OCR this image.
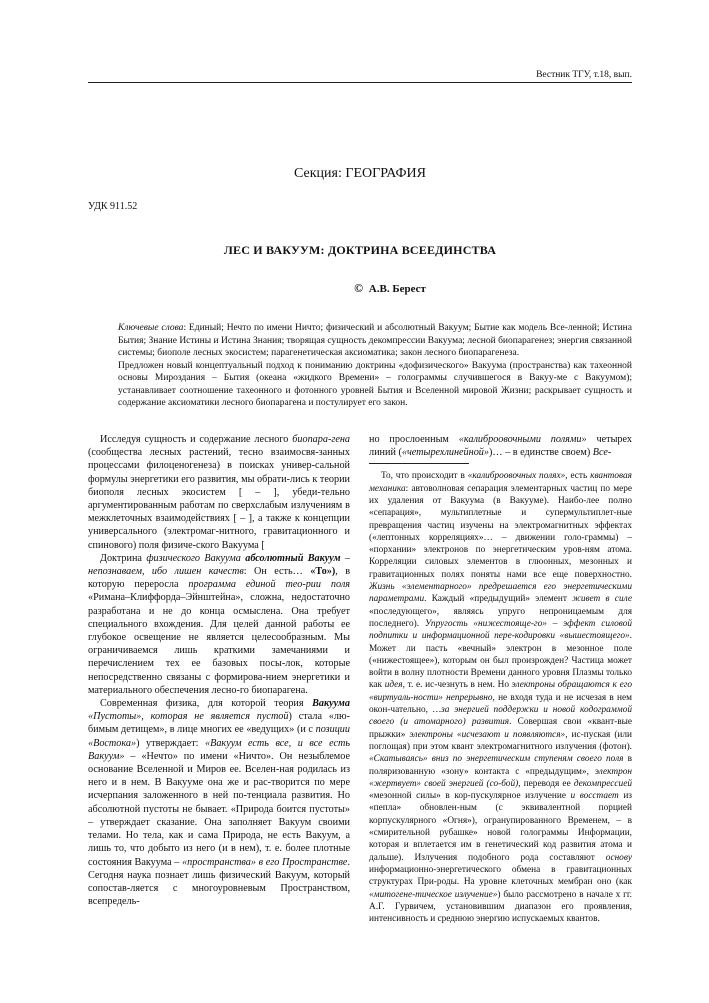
Вестник ТГУ, т.18, вып.
Секция: ГЕОГРАФИЯ
УДК 911.52
ЛЕС И ВАКУУМ: ДОКТРИНА ВСЕЕДИНСТВА
© А.В. Берест

Ключевые слова: Единый; Нечто по имени Ничто; физический и абсолютный Вакуум; Бытие как модель Все-ленной; Истина Бытия; Знание Истины и Истина Знания; творящая сущность декомпрессии Вакуума; лесной биопарагенез; энергия связанной системы; биополе лесных экосистем; парагенетическая аксиоматика; закон лесного биопарагенеза.

Предложен новый концептуальный подход к пониманию доктрины «дофизического» Вакуума (пространства) как тахеонной основы Мироздания – Бытия (океана «жидкого Времени» – голограммы случившегося в Вакуу-ме с Вакуумом); устанавливает соотношение тахеонного и фотонного уровней Бытия и Вселенной мировой Жизни; раскрывает сущность и содержание аксиоматики лесного биопарагена и постулирует его закон.

Исследуя сущность и содержание лесного биопара-гена (сообщества лесных растений, тесно взаимосвя-занных процессами филоценогенеза) в поисках универ-сальной формулы энергетики его развития, мы обрати-лись к теории биополя лесных экосистем [ – ], убеди-тельно аргументированным работам по сверхслабым излучениям в межклеточных взаимодействиях [ – ], а также к концепции универсального (электромаг-нитного, гравитационного и спинового) поля физиче-ского Вакуума [

Доктрина физического Вакуума абсолютный Вакуум – непознаваем, ибо лишен качеств: Он есть… «То»), в которую переросла программа единой тео-рии поля «Римана–Клиффорда–Эйнштейна», сложна, недостаточно разработана и не до конца осмыслена. Она требует специального вхождения. Для целей данной работы ее глубокое освещение не является целесообразным. Мы ограничиваемся лишь краткими замечаниями и перечислением тех ее базовых посы-лок, которые непосредственно связаны с формирова-нием энергетики и материального обеспечения лесно-го биопарагена.

Современная физика, для которой теория Вакуума «Пустоты», которая не является пустой) стала «лю-бимым детищем», в лице многих ее «ведущих» (и с позиции «Востока») утверждает: «Вакуум есть все, и все есть Вакуум» – «Нечто» по имени «Ничто». Он незыблемое основание Вселенной и Миров ее. Вселен-ная родилась из него и в нем. В Вакууме она же и рас-творится по мере исчерпания заложенного в ней по-тенциала развития. Но абсолютной пустоты не бывает. «Природа боится пустоты» – утверждает сказание. Она заполняет Вакуум своими телами. Но тела, как и сама Природа, не есть Вакуум, а лишь то, что добыто из него (и в нем), т. е. более плотные состояния Вакуума – «пространства» в его Пространстве. Сегодня наука познает лишь физический Вакуум, который сопостав-ляется с многоуровневым Пространством, всепредель-

но прослоенным «калиброовочными полями» четырех линий («четырехлинейной»)… – в единстве своем) Все-

То, что происходит в «калиброовочных полях», есть квантовая механика: автоволновая сепарация элементарных частиц по мере их удаления от Вакуума (в Вакууме). Наибо-лее полно «сепарация», мультиплетные и супермультиплет-ные превращения частиц изучены на электромагнитных эффектах («лептонных корреляциях»… – движении голо-граммы) – «порхании» электронов по энергетическим уров-ням атома. Корреляции силовых элементов в глюонных, мезонных и гравитационных полях поняты нами все еще поверхностно. Жизнь «элементарного» предрешается его энергетическими параметрами. Каждый «предыдущий» элемент живет в силе «последующего», являясь упруго непроницаемым для последнего). Упругость «нижестояще-го» – эффект силовой подпитки и информационной пере-кодировки «вышестоящего». Может ли пасть «вечный» электрон в мезонное поле («нижестоящее»), которым он был произрожден? Частица может войти в волну плотности Времени данного уровня Плазмы только как идея, т. е. ис-чезнуть в нем. Но электроны обращаются к его «виртуаль-ности» непрерывно, не входя туда и не исчезая в нем окон-чательно, …за энергией поддержки и новой кодограммой своего (и атомарного) развития. Совершая свои «квант-вые прыжки» электроны «исчезают и появляются», ис-пуская (или поглощая) при этом квант электромагнитного излучения (фотон). «Скатываясь» вниз по энергетическим ступеням своего поля в поляризованную «зону» контакта с «предыдущим», электрон «жертвует» своей энергией (со-бой), переводя ее декомпрессией «мезонной силы» в кор-пускулярное излучение и восстает из «пепла» обновлен-ным (с эквивалентной порцией корпускулярного «Огня»), огранупированного Временем, – в «смирительной рубашке» новой голограммы Информации, которая и вплетается им в генетический код развития атома и дальше). Излучения подобного рода составляют основу информационно-энергетического обмена в гравитационных структурах При-роды. На уровне клеточных мембран оно (как «митогене-тическое излучение») было рассмотрено в начале х гг. А.Г. Гурвичем, установившим диапазон его проявления, интенсивность и среднюю энергию испускаемых квантов.
